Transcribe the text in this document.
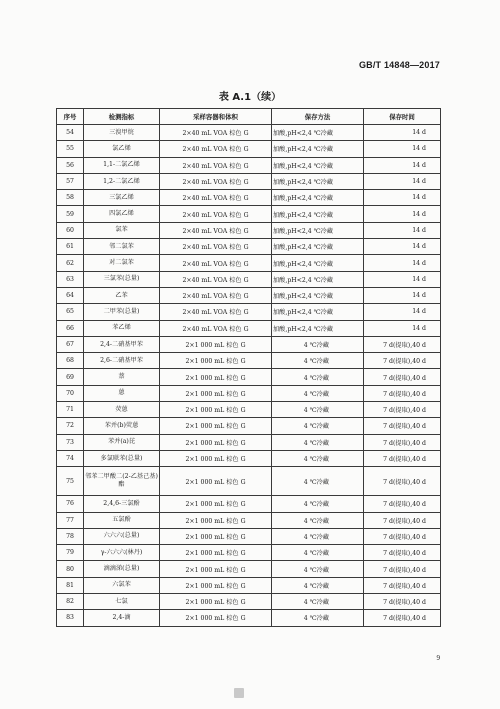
GB/T 14848—2017
表 A.1（续）
序号	检测指标	采样容器和体积	保存方法	保存时间
54	三溴甲烷	2×40 mL VOA 棕色 G	加酸,pH<2,4 ℃冷藏	14 d
55	氯乙烯	2×40 mL VOA 棕色 G	加酸,pH<2,4 ℃冷藏	14 d
56	1,1-二氯乙烯	2×40 mL VOA 棕色 G	加酸,pH<2,4 ℃冷藏	14 d
57	1,2-二氯乙烯	2×40 mL VOA 棕色 G	加酸,pH<2,4 ℃冷藏	14 d
58	三氯乙烯	2×40 mL VOA 棕色 G	加酸,pH<2,4 ℃冷藏	14 d
59	四氯乙烯	2×40 mL VOA 棕色 G	加酸,pH<2,4 ℃冷藏	14 d
60	氯苯	2×40 mL VOA 棕色 G	加酸,pH<2,4 ℃冷藏	14 d
61	邻二氯苯	2×40 mL VOA 棕色 G	加酸,pH<2,4 ℃冷藏	14 d
62	对二氯苯	2×40 mL VOA 棕色 G	加酸,pH<2,4 ℃冷藏	14 d
63	三氯苯(总量)	2×40 mL VOA 棕色 G	加酸,pH<2,4 ℃冷藏	14 d
64	乙苯	2×40 mL VOA 棕色 G	加酸,pH<2,4 ℃冷藏	14 d
65	二甲苯(总量)	2×40 mL VOA 棕色 G	加酸,pH<2,4 ℃冷藏	14 d
66	苯乙烯	2×40 mL VOA 棕色 G	加酸,pH<2,4 ℃冷藏	14 d
67	2,4-二硝基甲苯	2×1 000 mL 棕色 G	4 ℃冷藏	7 d(提取),40 d
68	2,6-二硝基甲苯	2×1 000 mL 棕色 G	4 ℃冷藏	7 d(提取),40 d
69	萘	2×1 000 mL 棕色 G	4 ℃冷藏	7 d(提取),40 d
70	蒽	2×1 000 mL 棕色 G	4 ℃冷藏	7 d(提取),40 d
71	荧蒽	2×1 000 mL 棕色 G	4 ℃冷藏	7 d(提取),40 d
72	苯并(b)荧蒽	2×1 000 mL 棕色 G	4 ℃冷藏	7 d(提取),40 d
73	苯并(a)芘	2×1 000 mL 棕色 G	4 ℃冷藏	7 d(提取),40 d
74	多氯联苯(总量)	2×1 000 mL 棕色 G	4 ℃冷藏	7 d(提取),40 d
75	邻苯二甲酸二(2-乙基己基)酯	2×1 000 mL 棕色 G	4 ℃冷藏	7 d(提取),40 d
76	2,4,6-三氯酚	2×1 000 mL 棕色 G	4 ℃冷藏	7 d(提取),40 d
77	五氯酚	2×1 000 mL 棕色 G	4 ℃冷藏	7 d(提取),40 d
78	六六六(总量)	2×1 000 mL 棕色 G	4 ℃冷藏	7 d(提取),40 d
79	γ-六六六(林丹)	2×1 000 mL 棕色 G	4 ℃冷藏	7 d(提取),40 d
80	滴滴涕(总量)	2×1 000 mL 棕色 G	4 ℃冷藏	7 d(提取),40 d
81	六氯苯	2×1 000 mL 棕色 G	4 ℃冷藏	7 d(提取),40 d
82	七氯	2×1 000 mL 棕色 G	4 ℃冷藏	7 d(提取),40 d
83	2,4-滴	2×1 000 mL 棕色 G	4 ℃冷藏	7 d(提取),40 d
9
